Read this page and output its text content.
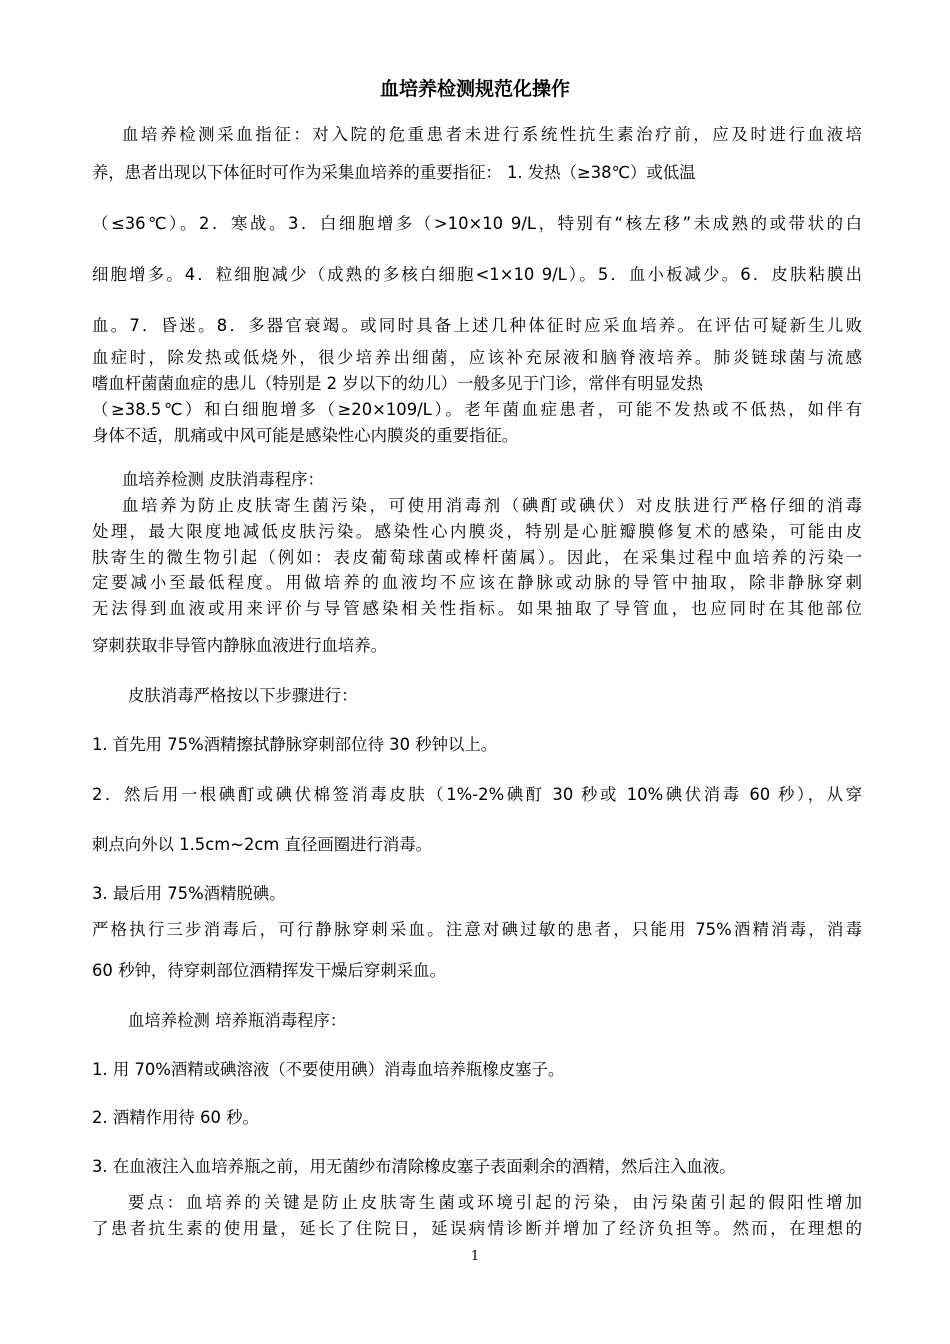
血培养检测规范化操作
血培养检测采血指征：对入院的危重患者未进行系统性抗生素治疗前，应及时进行血液培
养，患者出现以下体征时可作为采集血培养的重要指征： 1. 发热（≥38℃）或低温
（≤36℃）。2．寒战。3．白细胞增多（>10×10 9/L，特别有“核左移”未成熟的或带状的白
细胞增多。4．粒细胞减少（成熟的多核白细胞<1×10 9/L）。5．血小板减少。6．皮肤粘膜出
血。7．昏迷。8．多器官衰竭。或同时具备上述几种体征时应采血培养。在评估可疑新生儿败
血症时，除发热或低烧外，很少培养出细菌，应该补充尿液和脑脊液培养。肺炎链球菌与流感
嗜血杆菌菌血症的患儿（特别是 2 岁以下的幼儿）一般多见于门诊，常伴有明显发热
（≥38.5℃）和白细胞增多（≥20×109/L）。老年菌血症患者，可能不发热或不低热，如伴有
身体不适，肌痛或中风可能是感染性心内膜炎的重要指征。
血培养检测 皮肤消毒程序：
血培养为防止皮肤寄生菌污染，可使用消毒剂（碘酊或碘伏）对皮肤进行严格仔细的消毒
处理，最大限度地减低皮肤污染。感染性心内膜炎，特别是心脏瓣膜修复术的感染，可能由皮
肤寄生的微生物引起（例如：表皮葡萄球菌或棒杆菌属）。因此，在采集过程中血培养的污染一
定要减小至最低程度。用做培养的血液均不应该在静脉或动脉的导管中抽取，除非静脉穿刺
无法得到血液或用来评价与导管感染相关性指标。如果抽取了导管血，也应同时在其他部位
穿刺获取非导管内静脉血液进行血培养。
皮肤消毒严格按以下步骤进行：
1. 首先用 75%酒精擦拭静脉穿刺部位待 30 秒钟以上。
2．然后用一根碘酊或碘伏棉签消毒皮肤（1%-2%碘酊 30 秒或 10%碘伏消毒 60 秒），从穿
刺点向外以 1.5cm~2cm 直径画圈进行消毒。
3. 最后用 75%酒精脱碘。
严格执行三步消毒后，可行静脉穿刺采血。注意对碘过敏的患者，只能用 75%酒精消毒，消毒
60 秒钟，待穿刺部位酒精挥发干燥后穿刺采血。
血培养检测 培养瓶消毒程序：
1. 用 70%酒精或碘溶液（不要使用碘）消毒血培养瓶橡皮塞子。
2. 酒精作用待 60 秒。
3. 在血液注入血培养瓶之前，用无菌纱布清除橡皮塞子表面剩余的酒精，然后注入血液。
要点：血培养的关键是防止皮肤寄生菌或环境引起的污染，由污染菌引起的假阳性增加
了患者抗生素的使用量，延长了住院日，延误病情诊断并增加了经济负担等。然而，在理想的
1
